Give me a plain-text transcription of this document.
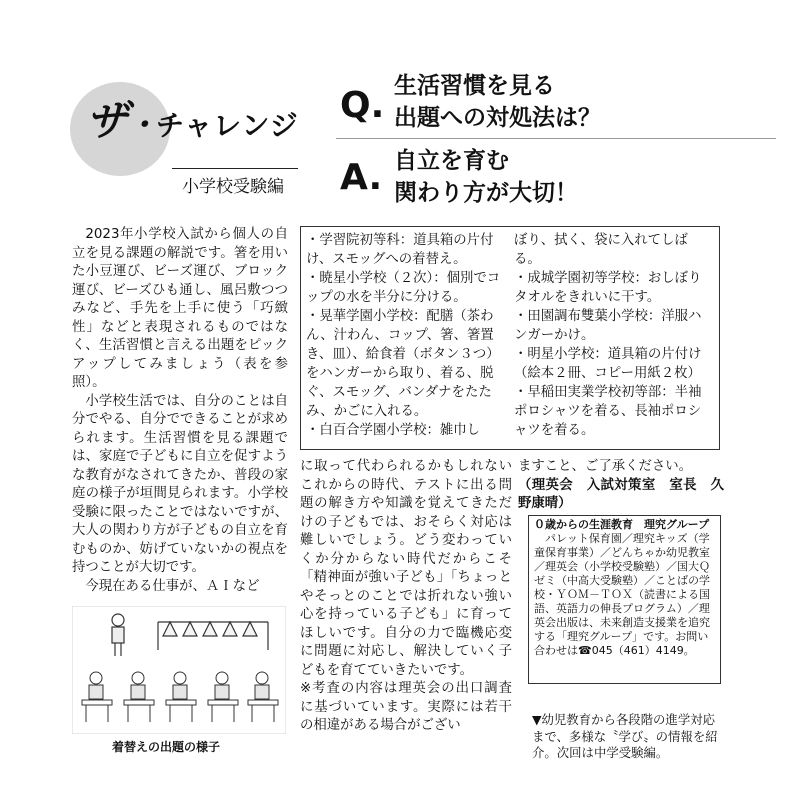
ザ・チャレンジ
小学校受験編
Q. 生活習慣を見る
出題への対処法は？
A. 自立を育む
関わり方が大切！

2023年小学校入試から個人の自立を見る課題の解説です。箸を用いた小豆運び、ビーズ運び、ブロック運び、ビーズひも通し、風呂敷つつみなど、手先を上手に使う「巧緻性」などと表現されるものではなく、生活習慣と言える出題をピックアップしてみましょう（表を参照）。

小学校生活では、自分のことは自分でやる、自分でできることが求められます。生活習慣を見る課題では、家庭で子どもに自立を促すような教育がなされてきたか、普段の家庭の様子が垣間見られます。小学校受験に限ったことではないですが、大人の関わり方が子どもの自立を育むものか、妨げていないかの視点を持つことが大切です。

今現在ある仕事が、ＡＩなど

・学習院初等科：道具箱の片付け、スモッグへの着替え。
・暁星小学校（２次）：個別でコップの水を半分に分ける。
・晃華学園小学校：配膳（茶わん、汁わん、コップ、箸、箸置き、皿）、給食着（ボタン３つ）をハンガーから取り、着る、脱ぐ、スモッグ、バンダナをたたみ、かごに入れる。
・白百合学園小学校：雑巾し
ぼり、拭く、袋に入れてしばる。
・成城学園初等学校：おしぼりタオルをきれいに干す。
・田園調布雙葉小学校：洋服ハンガーかけ。
・明星小学校：道具箱の片付け（絵本２冊、コピー用紙２枚）
・早稲田実業学校初等部：半袖ポロシャツを着る、長袖ポロシャツを着る。

に取って代わられるかもしれないこれからの時代、テストに出る問題の解き方や知識を覚えてきただけの子どもでは、おそらく対応は難しいでしょう。どう変わっていくか分からない時代だからこそ「精神面が強い子ども」「ちょっとやそっとのことでは折れない強い心を持っている子ども」に育ってほしいです。自分の力で臨機応変に問題に対応し、解決していく子どもを育てていきたいです。

※考査の内容は理英会の出口調査に基づいています。実際には若干の相違がある場合がござい

ますこと、ご了承ください。

（理英会　入試対策室　室長　久野康晴）

０歳からの生涯教育　理究グループ
パレット保育園／理究キッズ（学童保育事業）／どんちゃか幼児教室／理英会（小学校受験塾）／国大Ｑゼミ（中高大受験塾）／ことばの学校・ＹＯＭ－ＴＯＸ（読書による国語、英語力の伸長プログラム）／理英会出版は、未来創造支援業を追究する「理究グループ」です。お問い合わせは☎045（461）4149。
▼幼児教育から各段階の進学対応まで、多様な〝学び〟の情報を紹介。次回は中学受験編。
着替えの出題の様子
